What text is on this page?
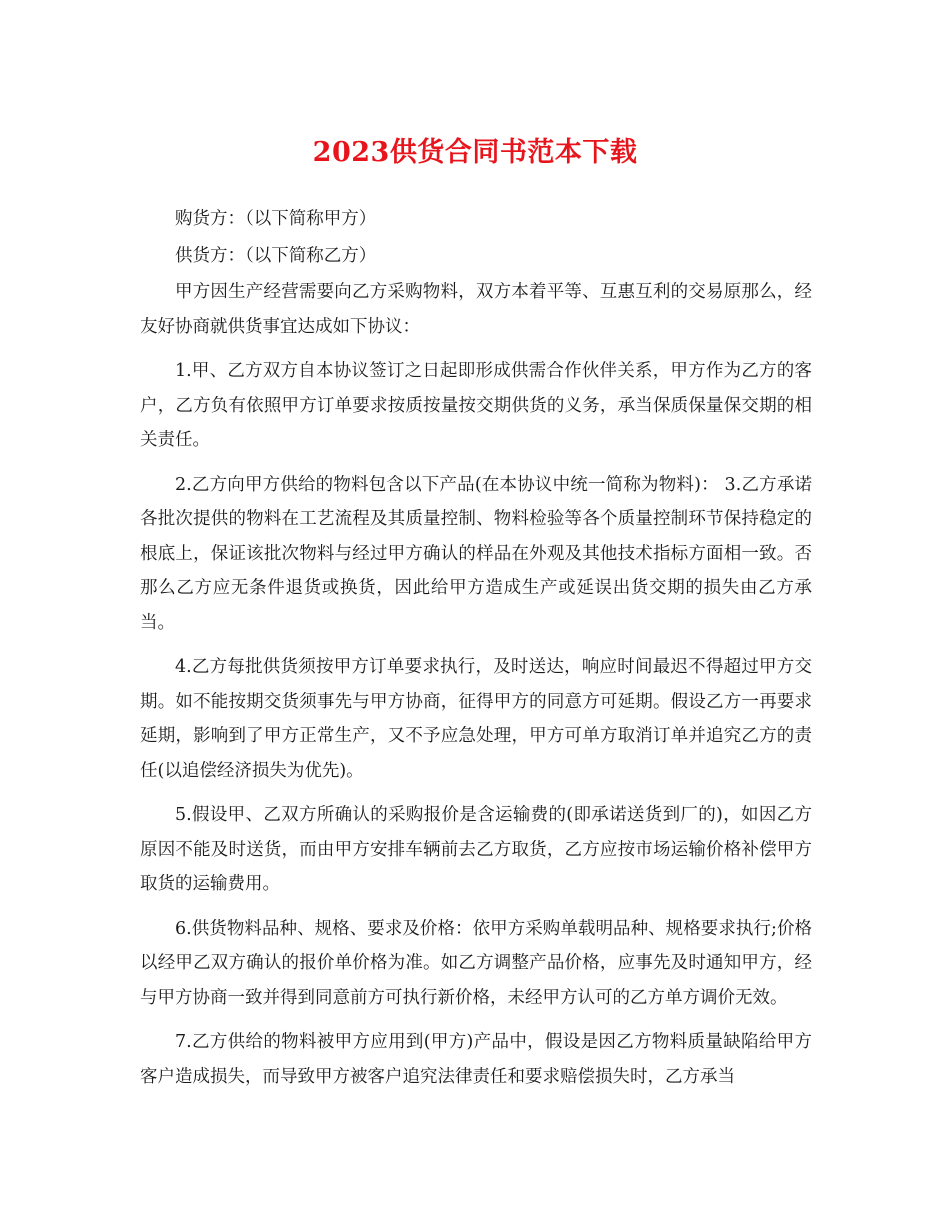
2023供货合同书范本下载

购货方：（以下简称甲方）

供货方：（以下简称乙方）

甲方因生产经营需要向乙方采购物料，双方本着平等、互惠互利的交易原那么，经友好协商就供货事宜达成如下协议：

1.甲、乙方双方自本协议签订之日起即形成供需合作伙伴关系，甲方作为乙方的客户，乙方负有依照甲方订单要求按质按量按交期供货的义务，承当保质保量保交期的相关责任。

2.乙方向甲方供给的物料包含以下产品(在本协议中统一简称为物料)： 3.乙方承诺各批次提供的物料在工艺流程及其质量控制、物料检验等各个质量控制环节保持稳定的根底上，保证该批次物料与经过甲方确认的样品在外观及其他技术指标方面相一致。否那么乙方应无条件退货或换货，因此给甲方造成生产或延误出货交期的损失由乙方承当。

4.乙方每批供货须按甲方订单要求执行，及时送达，响应时间最迟不得超过甲方交期。如不能按期交货须事先与甲方协商，征得甲方的同意方可延期。假设乙方一再要求延期，影响到了甲方正常生产，又不予应急处理，甲方可单方取消订单并追究乙方的责任(以追偿经济损失为优先)。

5.假设甲、乙双方所确认的采购报价是含运输费的(即承诺送货到厂的)，如因乙方原因不能及时送货，而由甲方安排车辆前去乙方取货，乙方应按市场运输价格补偿甲方取货的运输费用。

6.供货物料品种、规格、要求及价格：依甲方采购单载明品种、规格要求执行;价格以经甲乙双方确认的报价单价格为准。如乙方调整产品价格，应事先及时通知甲方，经与甲方协商一致并得到同意前方可执行新价格，未经甲方认可的乙方单方调价无效。

7.乙方供给的物料被甲方应用到(甲方)产品中，假设是因乙方物料质量缺陷给甲方客户造成损失，而导致甲方被客户追究法律责任和要求赔偿损失时，乙方承当
